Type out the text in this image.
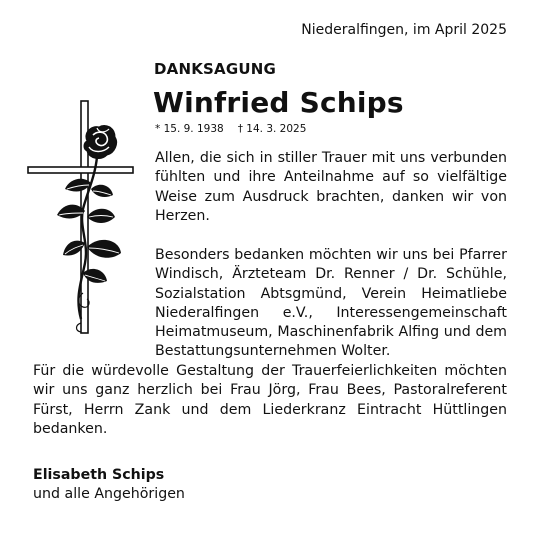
Niederalfingen, im April 2025
DANKSAGUNG
Winfried Schips
* 15. 9. 1938 † 14. 3. 2025
Allen, die sich in stiller Trauer mit uns verbunden fühlten und ihre Anteilnahme auf so vielfältige Weise zum Ausdruck brachten, danken wir von Herzen.
Besonders bedanken möchten wir uns bei Pfarrer Windisch, Ärzteteam Dr. Renner / Dr. Schühle, Sozialstation Abtsgmünd, Verein Heimatliebe Niederalfingen e.V., Interessengemeinschaft Heimatmuseum, Maschinenfabrik Alfing und dem Bestattungsunternehmen Wolter.
Für die würdevolle Gestaltung der Trauerfeierlichkeiten möchten wir uns ganz herzlich bei Frau Jörg, Frau Bees, Pastoralreferent Fürst, Herrn Zank und dem Liederkranz Eintracht Hüttlingen bedanken.
Elisabeth Schips
und alle Angehörigen
